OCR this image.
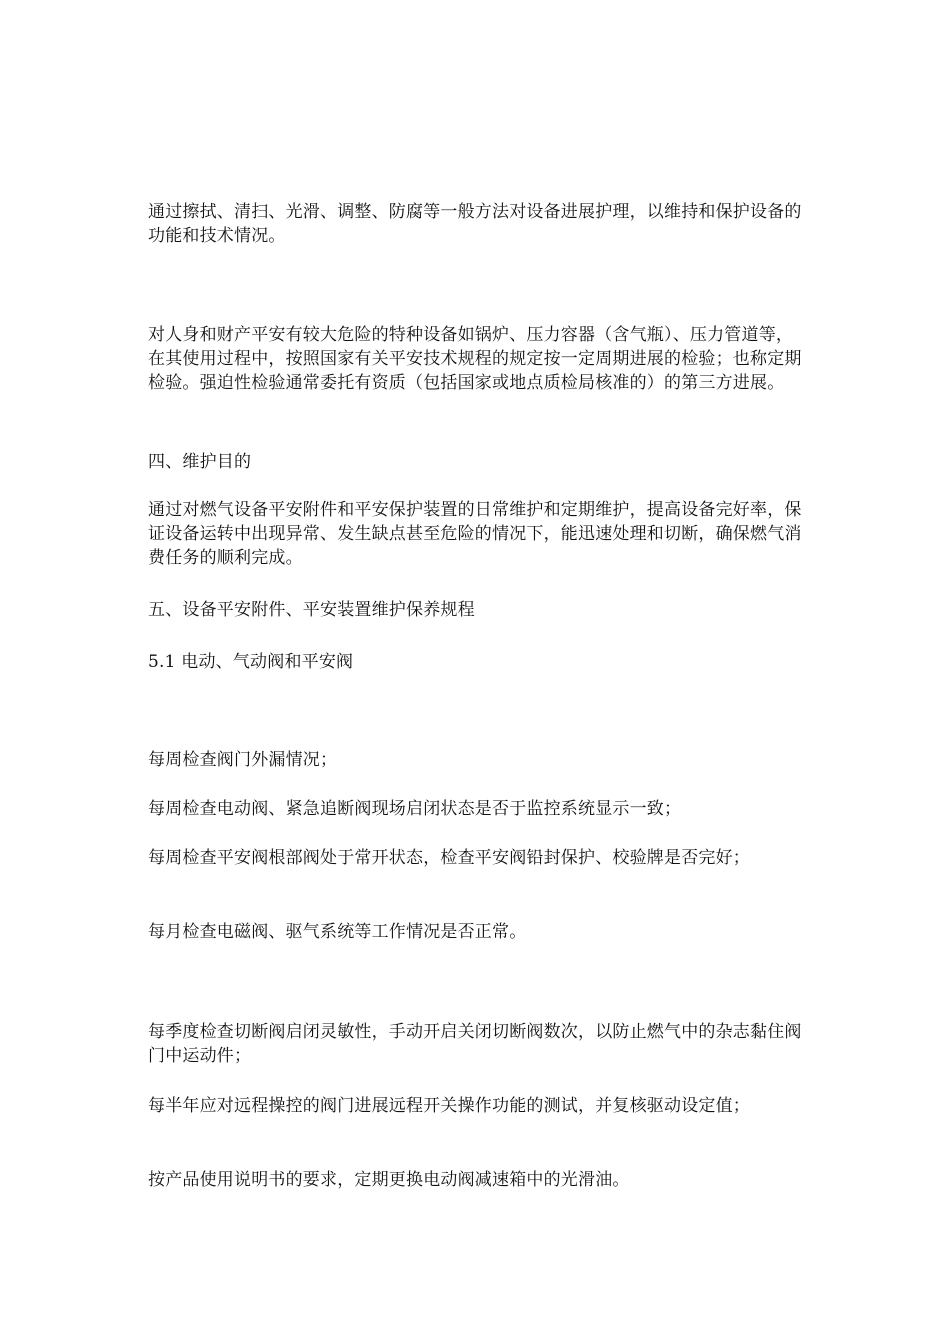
通过擦拭、清扫、光滑、调整、防腐等一般方法对设备进展护理，以维持和保护设备的功能和技术情况。

对人身和财产平安有较大危险的特种设备如锅炉、压力容器（含气瓶）、压力管道等，在其使用过程中，按照国家有关平安技术规程的规定按一定周期进展的检验；也称定期检验。强迫性检验通常委托有资质（包括国家或地点质检局核准的）的第三方进展。

四、维护目的

通过对燃气设备平安附件和平安保护装置的日常维护和定期维护，提高设备完好率，保证设备运转中出现异常、发生缺点甚至危险的情况下，能迅速处理和切断，确保燃气消费任务的顺利完成。

五、设备平安附件、平安装置维护保养规程

5.1 电动、气动阀和平安阀

每周检查阀门外漏情况；

每周检查电动阀、紧急追断阀现场启闭状态是否于监控系统显示一致；

每周检查平安阀根部阀处于常开状态，检查平安阀铅封保护、校验牌是否完好；

每月检查电磁阀、驱气系统等工作情况是否正常。

每季度检查切断阀启闭灵敏性，手动开启关闭切断阀数次，以防止燃气中的杂志黏住阀门中运动件；

每半年应对远程操控的阀门进展远程开关操作功能的测试，并复核驱动设定值；

按产品使用说明书的要求，定期更换电动阀减速箱中的光滑油。
